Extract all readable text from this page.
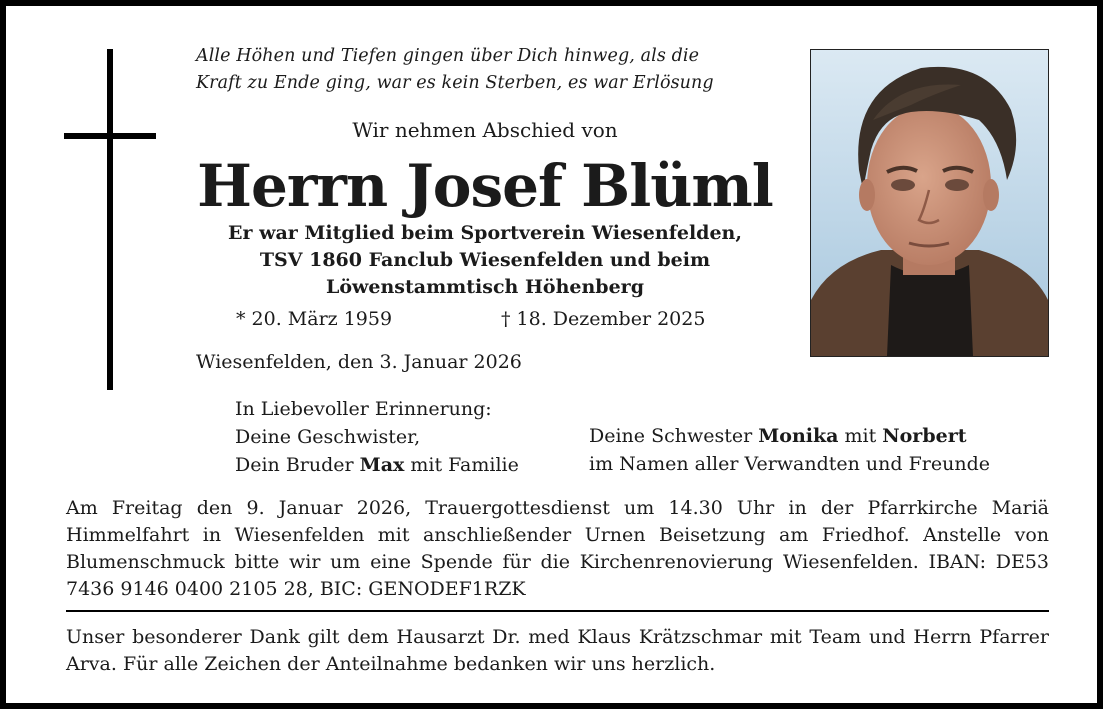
Alle Höhen und Tiefen gingen über Dich hinweg, als die
Kraft zu Ende ging, war es kein Sterben, es war Erlösung
Wir nehmen Abschied von
Herrn Josef Blüml
Er war Mitglied beim Sportverein Wiesenfelden,
TSV 1860 Fanclub Wiesenfelden und beim
Löwenstammtisch Höhenberg
* 20. März 1959	† 18. Dezember 2025
Wiesenfelden, den 3. Januar 2026
In Liebevoller Erinnerung:
Deine Geschwister,
Dein Bruder Max mit Familie
Deine Schwester Monika mit Norbert
im Namen aller Verwandten und Freunde
Am Freitag den 9. Januar 2026, Trauergottesdienst um 14.30 Uhr in der Pfarrkirche Mariä Himmelfahrt in Wiesenfelden mit anschließender Urnen Beisetzung am Friedhof. Anstelle von Blumenschmuck bitte wir um eine Spende für die Kirchenrenovierung Wiesenfelden. IBAN: DE53 7436 9146 0400 2105 28, BIC: GENODEF1RZK
Unser besonderer Dank gilt dem Hausarzt Dr. med Klaus Krätzschmar mit Team und Herrn Pfarrer Arva. Für alle Zeichen der Anteilnahme bedanken wir uns herzlich.
